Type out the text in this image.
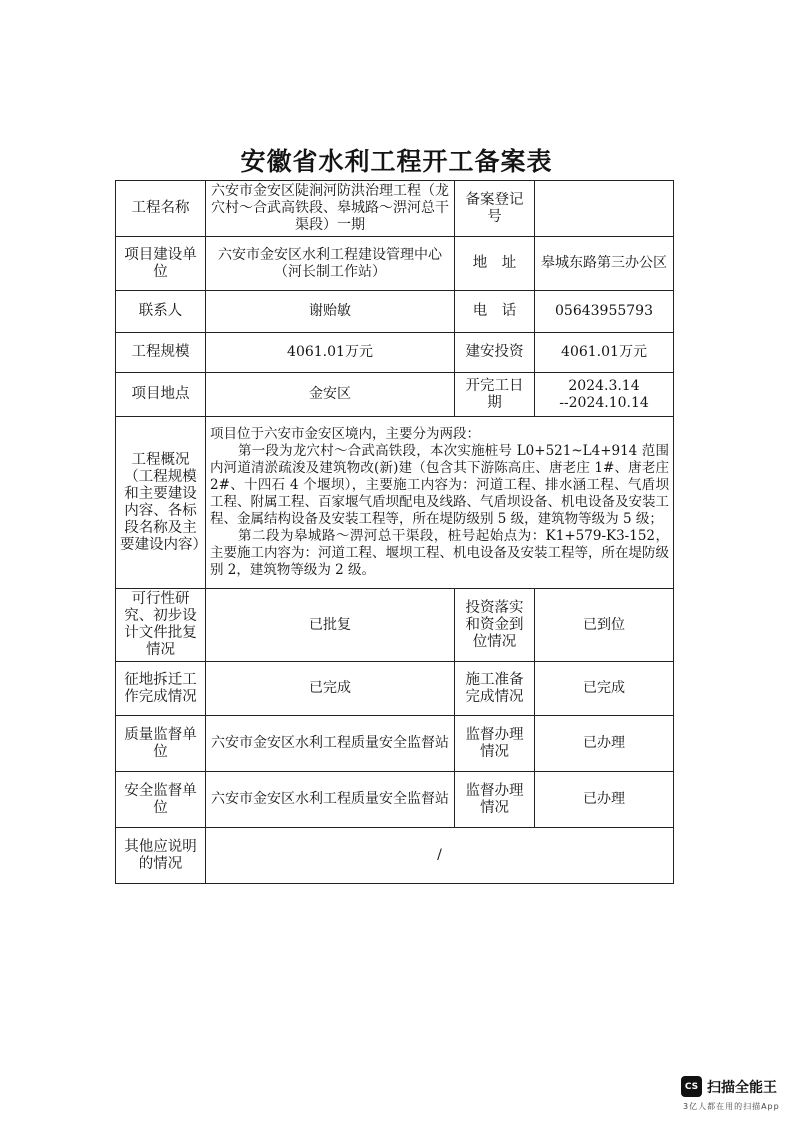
安徽省水利工程开工备案表
工程名称	六安市金安区陡涧河防洪治理工程（龙穴村～合武高铁段、皋城路～淠河总干渠段）一期	备案登记号	
项目建设单位	六安市金安区水利工程建设管理中心（河长制工作站）	地　址	皋城东路第三办公区
联系人	谢贻敏	电　话	05643955793
工程规模	4061.01万元	建安投资	4061.01万元
项目地点	金安区	开完工日期	2024.3.14
--2024.10.14

工程概况（工程规模和主要建设内容、各标段名称及主要建设内容）	项目位于六安市金安区境内，主要分为两段：

第一段为龙穴村～合武高铁段，本次实施桩号 L0+521~L4+914 范围内河道清淤疏浚及建筑物改(新)建（包含其下游陈高庄、唐老庄 1#、唐老庄 2#、十四石 4 个堰坝），主要施工内容为：河道工程、排水涵工程、气盾坝工程、附属工程、百家堰气盾坝配电及线路、气盾坝设备、机电设备及安装工程、金属结构设备及安装工程等，所在堤防级别 5 级，建筑物等级为 5 级；

第二段为皋城路～淠河总干渠段，桩号起始点为：K1+579-K3-152，主要施工内容为：河道工程、堰坝工程、机电设备及安装工程等，所在堤防级别 2，建筑物等级为 2 级。		

可行性研究、初步设计文件批复情况	已批复	投资落实和资金到位情况	已到位
征地拆迁工作完成情况	已完成	施工准备完成情况	已完成
质量监督单位	六安市金安区水利工程质量安全监督站	监督办理情况	已办理
安全监督单位	六安市金安区水利工程质量安全监督站	监督办理情况	已办理
其他应说明的情况	/		
CS 扫描全能王
3亿人都在用的扫描App
